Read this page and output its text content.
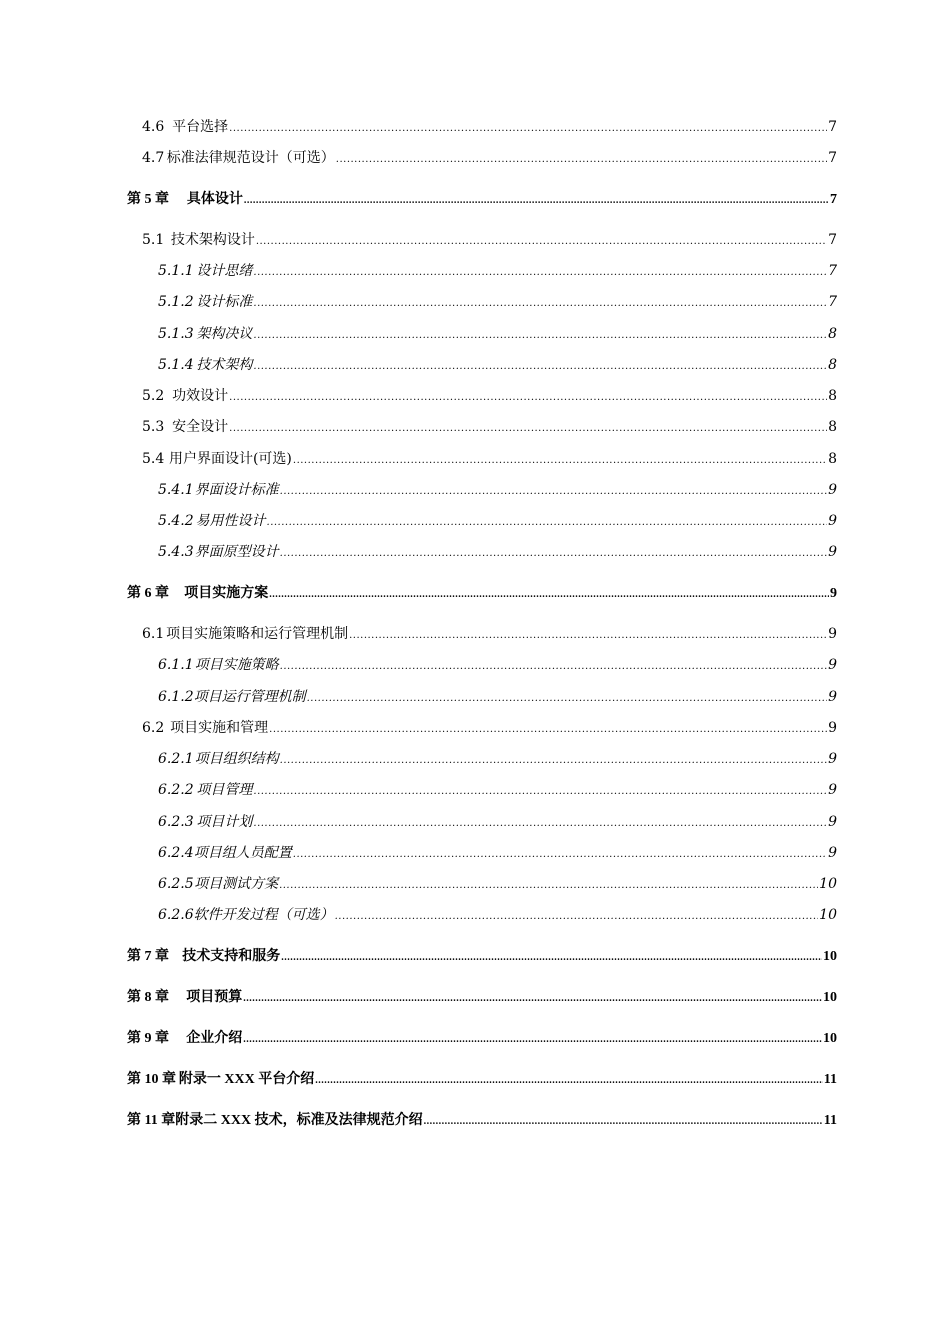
4.6 平台选择 .....	7
4.7 标准法律规范设计（可选） .....	7
第 5 章	具体设计 .....	7
5.1 技术架构设计 .....	7
5.1.1 设计思绪 .....	7
5.1.2 设计标准 .....	7
5.1.3 架构决议 .....	8
5.1.4 技术架构 .....	8
5.2 功效设计 .....	8
5.3 安全设计 .....	8
5.4 用户界面设计(可选) .....	8
5.4.1 界面设计标准 .....	9
5.4.2 易用性设计 .....	9
5.4.3 界面原型设计 .....	9
第 6 章	项目实施方案 .....	9
6.1 项目实施策略和运行管理机制 .....	9
6.1.1 项目实施策略 .....	9
6.1.2 项目运行管理机制 .....	9
6.2 项目实施和管理 .....	9
6.2.1 项目组织结构 .....	9
6.2.2 项目管理 .....	9
6.2.3 项目计划 .....	9
6.2.4 项目组人员配置 .....	9
6.2.5 项目测试方案 .....	10
6.2.6 软件开发过程（可选） .....	10
第 7 章 技术支持和服务 .....	10
第 8 章	项目预算 .....	10
第 9 章	企业介绍 .....	10
第 10 章 附录一 XXX 平台介绍 .....	11
第 11 章 附录二 XXX 技术，标准及法律规范介绍 .....	11
